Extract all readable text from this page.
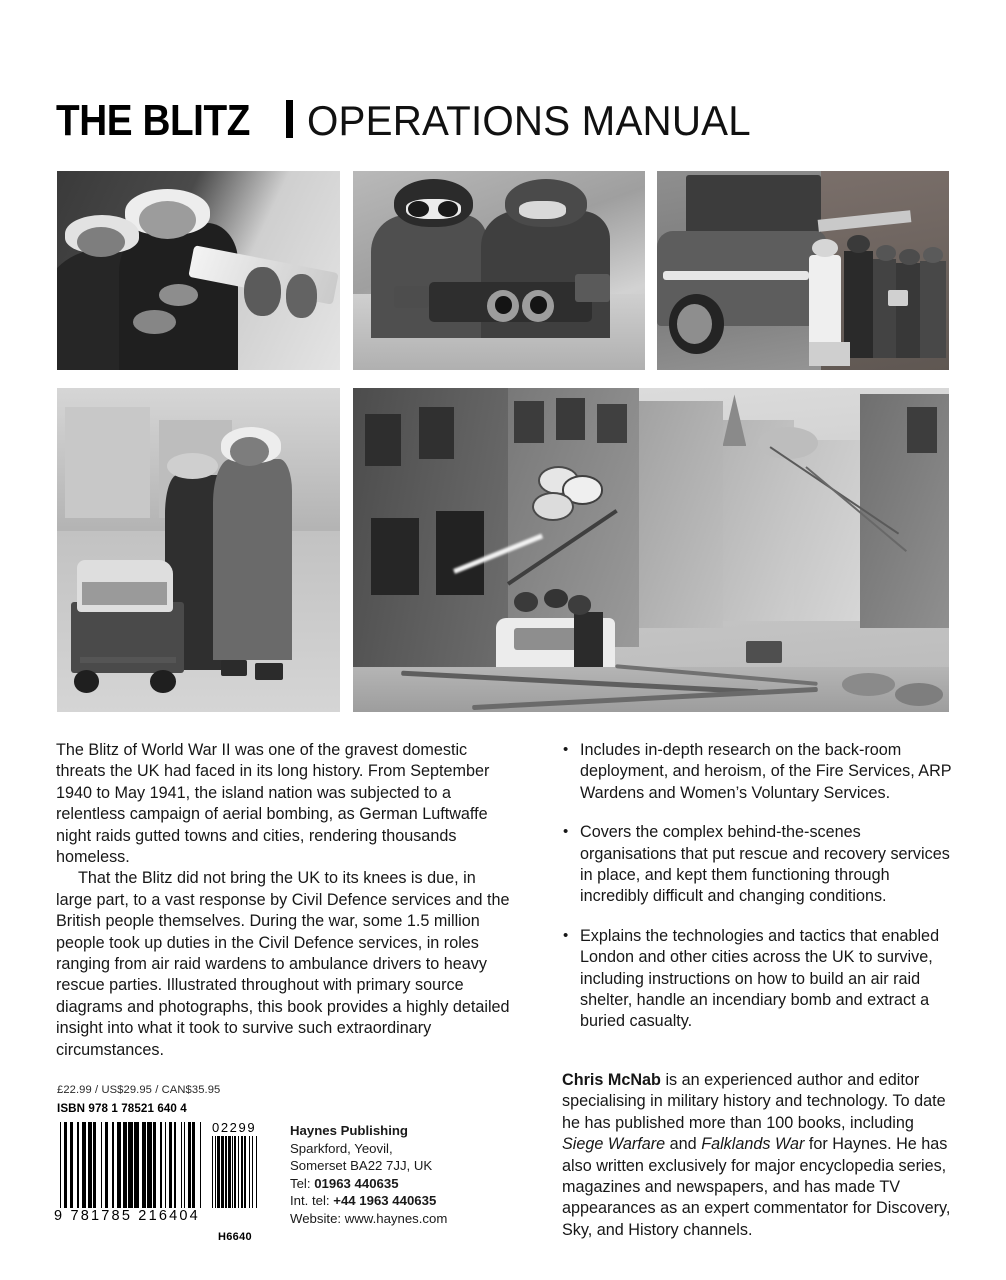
THE BLITZ OPERATIONS MANUAL

The Blitz of World War II was one of the gravest domestic threats the UK had faced in its long history. From September 1940 to May 1941, the island nation was subjected to a relentless campaign of aerial bombing, as German Luftwaffe night raids gutted towns and cities, rendering thousands homeless.

That the Blitz did not bring the UK to its knees is due, in large part, to a vast response by Civil Defence services and the British people themselves. During the war, some 1.5 million people took up duties in the Civil Defence services, in roles ranging from air raid wardens to ambulance drivers to heavy rescue parties. Illustrated throughout with primary source diagrams and photographs, this book provides a highly detailed insight into what it took to survive such extraordinary circumstances.

• Includes in-depth research on the back-room deployment, and heroism, of the Fire Services, ARP Wardens and Women’s Voluntary Services.
• Covers the complex behind-the-scenes organisations that put rescue and recovery services in place, and kept them functioning through incredibly difficult and changing conditions.
• Explains the technologies and tactics that enabled London and other cities across the UK to survive, including instructions on how to build an air raid shelter, handle an incendiary bomb and extract a buried casualty.
£22.99 / US$29.95 / CAN$35.95
ISBN 978 1 78521 640 4
9 781785 216404
02299
H6640
Haynes Publishing
Sparkford, Yeovil,
Somerset BA22 7JJ, UK
Tel: 01963 440635
Int. tel: +44 1963 440635
Website: www.haynes.com
Chris McNab is an experienced author and editor specialising in military history and technology. To date he has published more than 100 books, including Siege Warfare and Falklands War for Haynes. He has also written exclusively for major encyclopedia series, magazines and newspapers, and has made TV appearances as an expert commentator for Discovery, Sky, and History channels.
